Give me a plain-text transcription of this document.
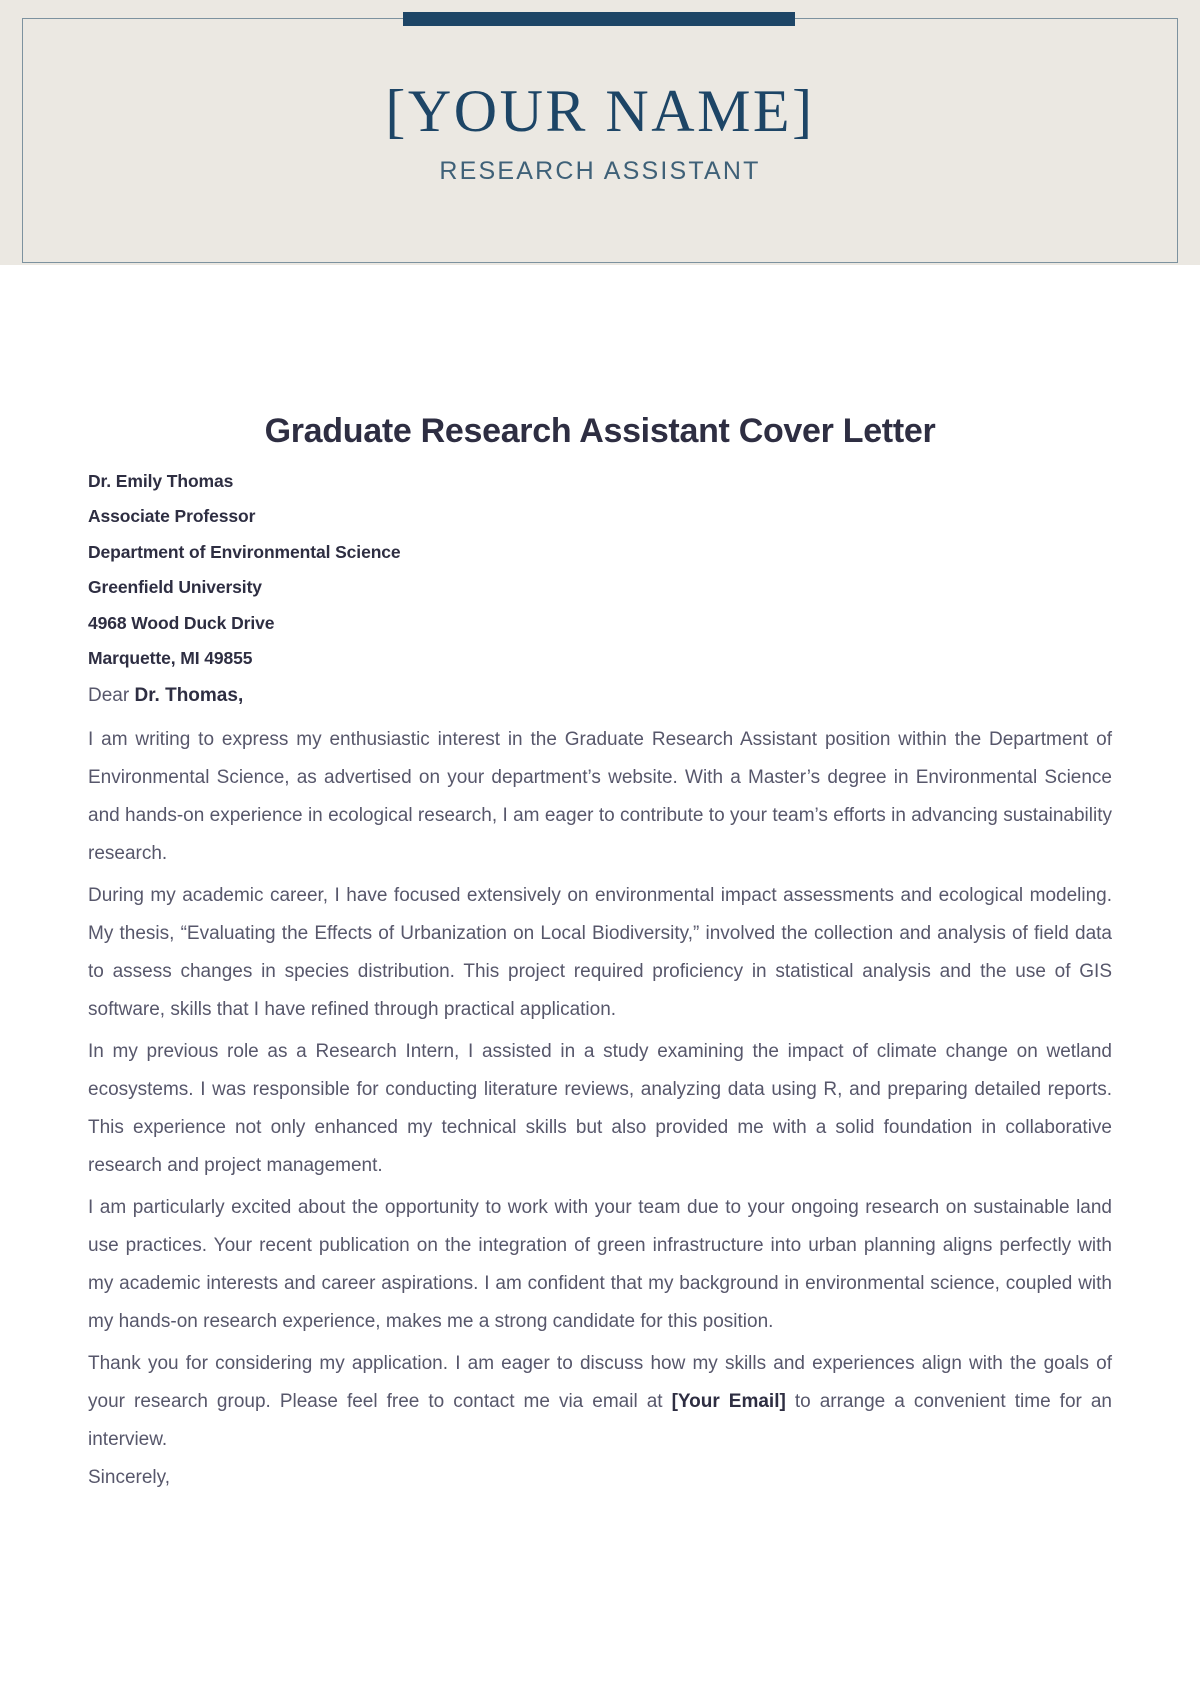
[YOUR NAME]
RESEARCH ASSISTANT
Graduate Research Assistant Cover Letter
Dr. Emily Thomas
Associate Professor
Department of Environmental Science
Greenfield University
4968 Wood Duck Drive
Marquette, MI 49855
Dear Dr. Thomas,

I am writing to express my enthusiastic interest in the Graduate Research Assistant position within the Department of Environmental Science, as advertised on your department’s website. With a Master’s degree in Environmental Science and hands-on experience in ecological research, I am eager to contribute to your team’s efforts in advancing sustainability research.

During my academic career, I have focused extensively on environmental impact assessments and ecological modeling. My thesis, “Evaluating the Effects of Urbanization on Local Biodiversity,” involved the collection and analysis of field data to assess changes in species distribution. This project required proficiency in statistical analysis and the use of GIS software, skills that I have refined through practical application.

In my previous role as a Research Intern, I assisted in a study examining the impact of climate change on wetland ecosystems. I was responsible for conducting literature reviews, analyzing data using R, and preparing detailed reports. This experience not only enhanced my technical skills but also provided me with a solid foundation in collaborative research and project management.

I am particularly excited about the opportunity to work with your team due to your ongoing research on sustainable land use practices. Your recent publication on the integration of green infrastructure into urban planning aligns perfectly with my academic interests and career aspirations. I am confident that my background in environmental science, coupled with my hands-on research experience, makes me a strong candidate for this position.

Thank you for considering my application. I am eager to discuss how my skills and experiences align with the goals of your research group. Please feel free to contact me via email at [Your Email] to arrange a convenient time for an interview.

Sincerely,
